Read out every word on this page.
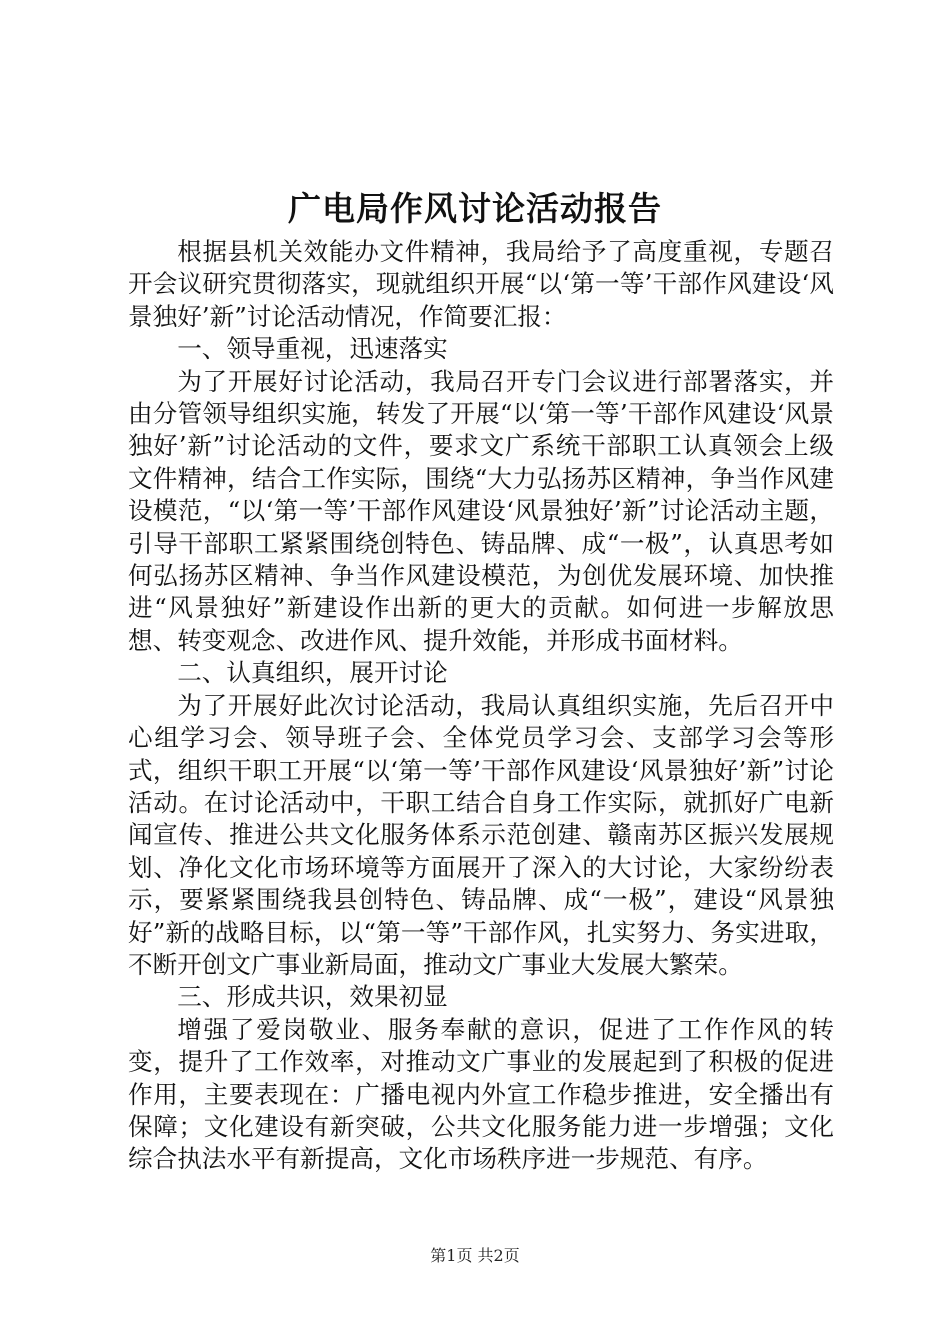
广电局作风讨论活动报告

根据县机关效能办文件精神，我局给予了高度重视，专题召开会议研究贯彻落实，现就组织开展“以‘第一等’干部作风建设‘风景独好’新”讨论活动情况，作简要汇报：

一、领导重视，迅速落实

为了开展好讨论活动，我局召开专门会议进行部署落实，并由分管领导组织实施，转发了开展“以‘第一等’干部作风建设‘风景独好’新”讨论活动的文件，要求文广系统干部职工认真领会上级文件精神，结合工作实际，围绕“大力弘扬苏区精神，争当作风建设模范，“以‘第一等’干部作风建设‘风景独好’新”讨论活动主题，引导干部职工紧紧围绕创特色、铸品牌、成“一极”，认真思考如何弘扬苏区精神、争当作风建设模范，为创优发展环境、加快推进“风景独好”新建设作出新的更大的贡献。如何进一步解放思想、转变观念、改进作风、提升效能，并形成书面材料。

二、认真组织，展开讨论

为了开展好此次讨论活动，我局认真组织实施，先后召开中心组学习会、领导班子会、全体党员学习会、支部学习会等形式，组织干职工开展“以‘第一等’干部作风建设‘风景独好’新”讨论活动。在讨论活动中，干职工结合自身工作实际，就抓好广电新闻宣传、推进公共文化服务体系示范创建、赣南苏区振兴发展规划、净化文化市场环境等方面展开了深入的大讨论，大家纷纷表示，要紧紧围绕我县创特色、铸品牌、成“一极”，建设“风景独好”新的战略目标，以“第一等”干部作风，扎实努力、务实进取，不断开创文广事业新局面，推动文广事业大发展大繁荣。

三、形成共识，效果初显

增强了爱岗敬业、服务奉献的意识，促进了工作作风的转变，提升了工作效率，对推动文广事业的发展起到了积极的促进作用，主要表现在：广播电视内外宣工作稳步推进，安全播出有保障；文化建设有新突破，公共文化服务能力进一步增强；文化综合执法水平有新提高，文化市场秩序进一步规范、有序。

第1页 共2页
